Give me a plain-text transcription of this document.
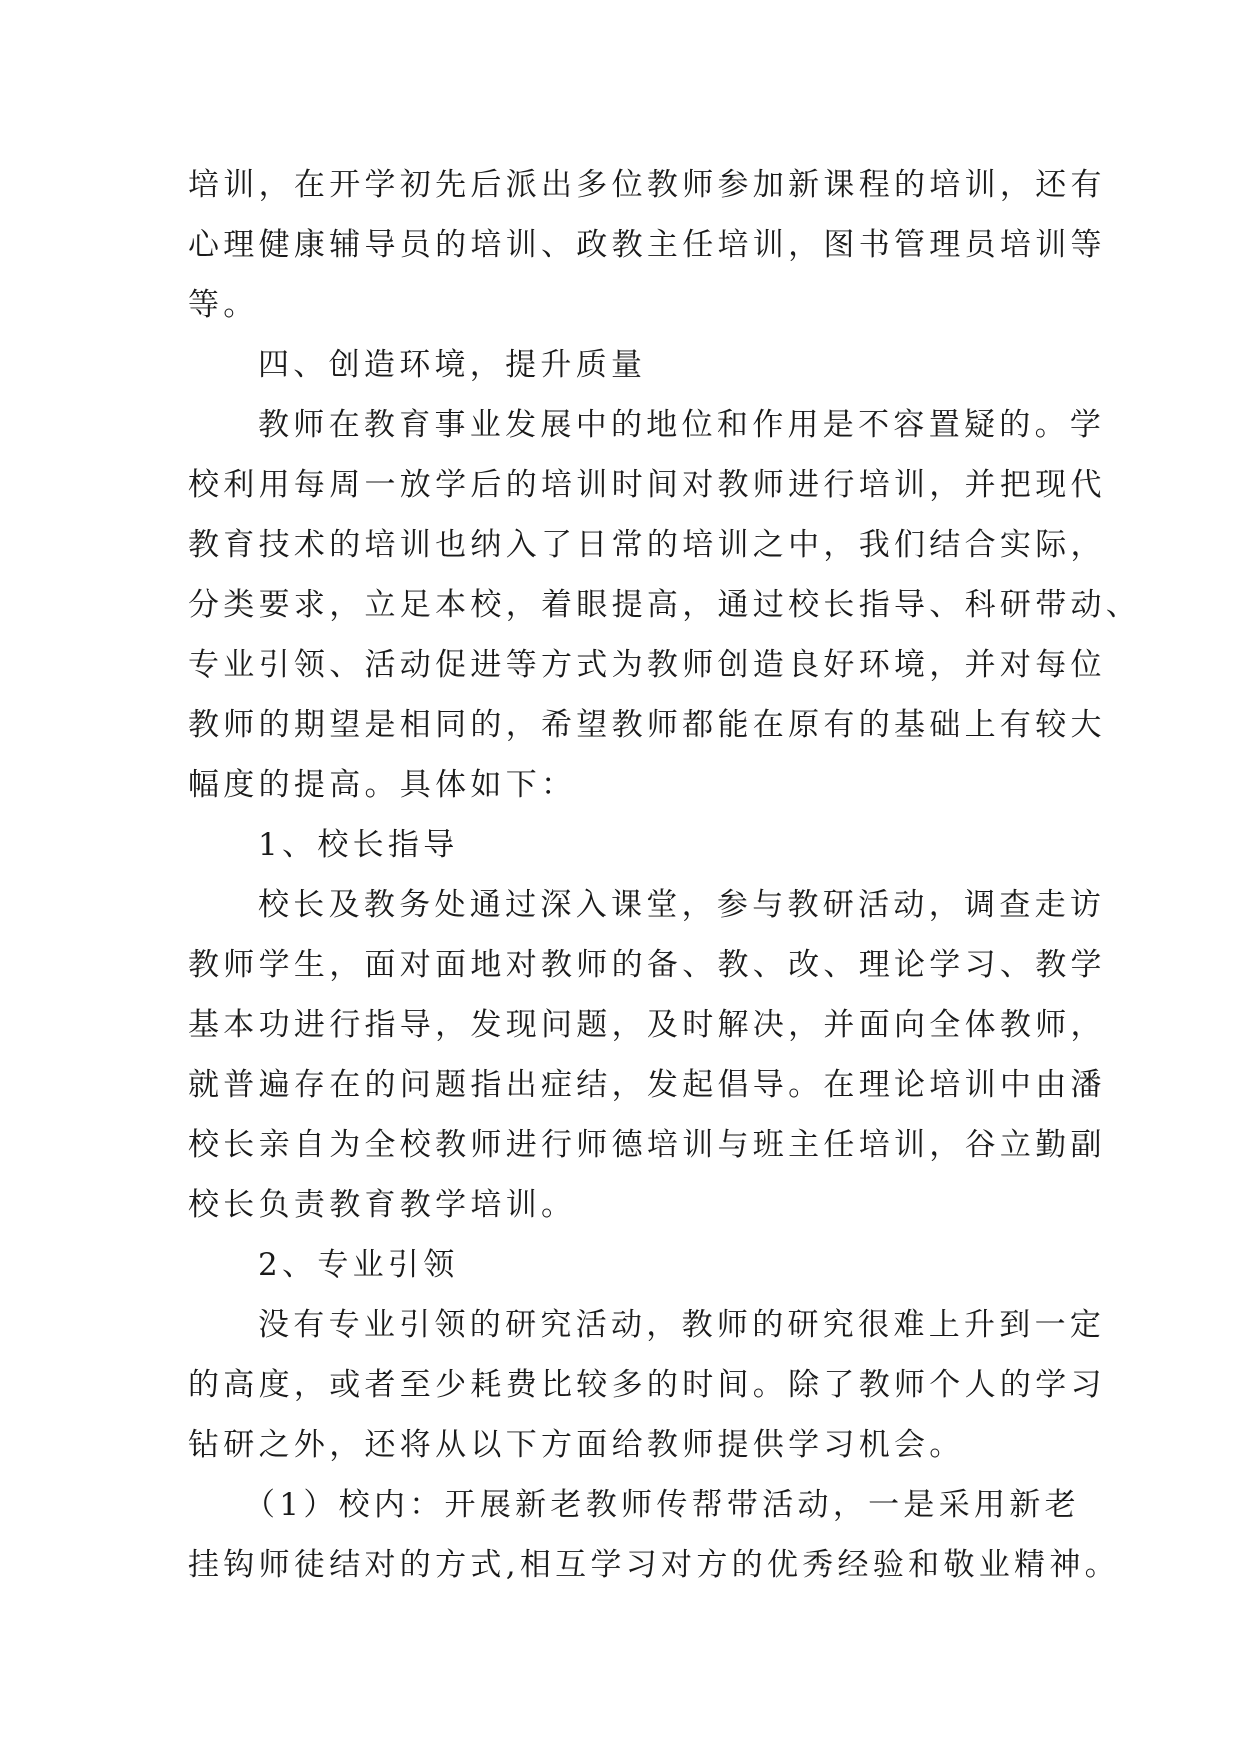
培训，在开学初先后派出多位教师参加新课程的培训，还有
心理健康辅导员的培训、政教主任培训，图书管理员培训等
等。
四、创造环境，提升质量
教师在教育事业发展中的地位和作用是不容置疑的。学
校利用每周一放学后的培训时间对教师进行培训，并把现代
教育技术的培训也纳入了日常的培训之中，我们结合实际，
分类要求，立足本校，着眼提高，通过校长指导、科研带动、
专业引领、活动促进等方式为教师创造良好环境，并对每位
教师的期望是相同的，希望教师都能在原有的基础上有较大
幅度的提高。具体如下：
1、校长指导
校长及教务处通过深入课堂，参与教研活动，调查走访
教师学生，面对面地对教师的备、教、改、理论学习、教学
基本功进行指导，发现问题，及时解决，并面向全体教师，
就普遍存在的问题指出症结，发起倡导。在理论培训中由潘
校长亲自为全校教师进行师德培训与班主任培训，谷立勤副
校长负责教育教学培训。
2、专业引领
没有专业引领的研究活动，教师的研究很难上升到一定
的高度，或者至少耗费比较多的时间。除了教师个人的学习
钻研之外，还将从以下方面给教师提供学习机会。
（1）校内：开展新老教师传帮带活动，一是采用新老
挂钩师徒结对的方式,相互学习对方的优秀经验和敬业精神。
